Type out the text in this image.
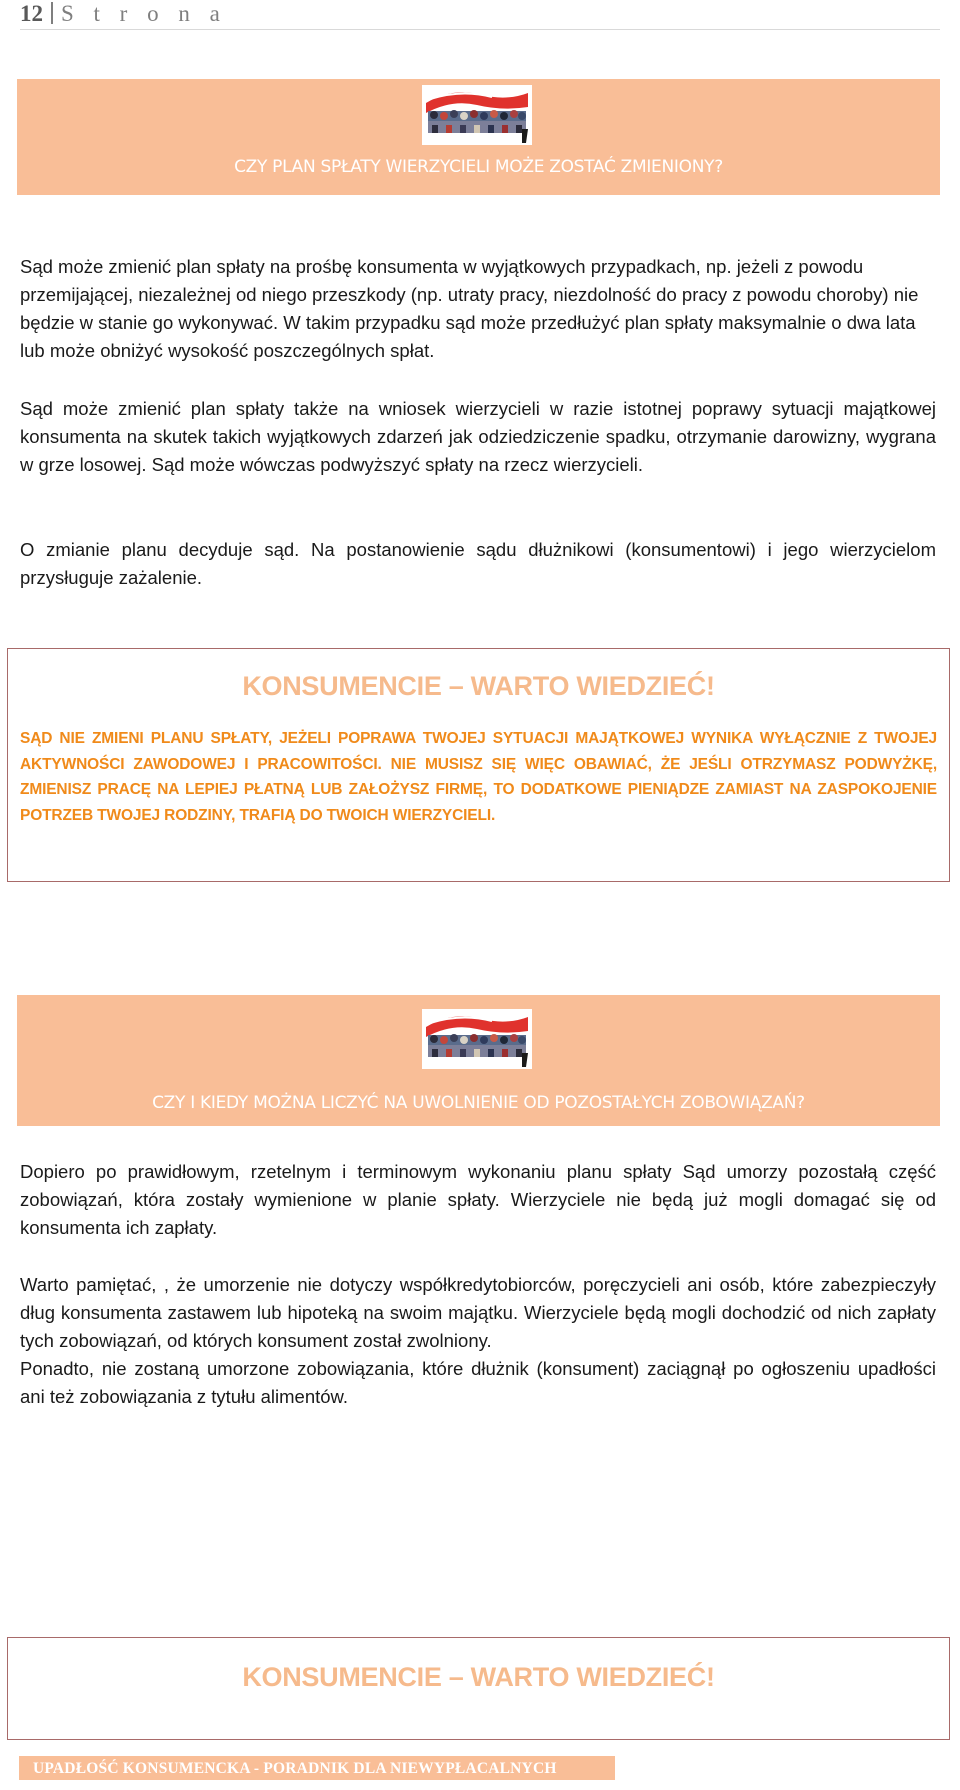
12 S t r o n a
CZY PLAN SPŁATY WIERZYCIELI MOŻE ZOSTAĆ ZMIENIONY?

Sąd może zmienić plan spłaty na prośbę konsumenta w wyjątkowych przypadkach, np. jeżeli z powodu przemijającej, niezależnej od niego przeszkody (np. utraty pracy, niezdolność do pracy z powodu choroby) nie będzie w stanie go wykonywać. W takim przypadku sąd może przedłużyć plan spłaty maksymalnie o dwa lata lub może obniżyć wysokość poszczególnych spłat.

Sąd może zmienić plan spłaty także na wniosek wierzycieli w razie istotnej poprawy sytuacji majątkowej konsumenta na skutek takich wyjątkowych zdarzeń jak odziedziczenie spadku, otrzymanie darowizny, wygrana w grze losowej. Sąd może wówczas podwyższyć spłaty na rzecz wierzycieli.

O zmianie planu decyduje sąd. Na postanowienie sądu dłużnikowi (konsumentowi) i jego wierzycielom przysługuje zażalenie.

KONSUMENCIE – WARTO WIEDZIEĆ!

SĄD NIE ZMIENI PLANU SPŁATY, JEŻELI POPRAWA TWOJEJ SYTUACJI MAJĄTKOWEJ WYNIKA WYŁĄCZNIE Z TWOJEJ AKTYWNOŚCI ZAWODOWEJ I PRACOWITOŚCI. NIE MUSISZ SIĘ WIĘC OBAWIAĆ, ŻE JEŚLI OTRZYMASZ PODWYŻKĘ, ZMIENISZ PRACĘ NA LEPIEJ PŁATNĄ LUB ZAŁOŻYSZ FIRMĘ, TO DODATKOWE PIENIĄDZE ZAMIAST NA ZASPOKOJENIE POTRZEB TWOJEJ RODZINY, TRAFIĄ DO TWOICH WIERZYCIELI.

CZY I KIEDY MOŻNA LICZYĆ NA UWOLNIENIE OD POZOSTAŁYCH ZOBOWIĄZAŃ?

Dopiero po prawidłowym, rzetelnym i terminowym wykonaniu planu spłaty Sąd umorzy pozostałą część zobowiązań, która zostały wymienione w planie spłaty. Wierzyciele nie będą już mogli domagać się od konsumenta ich zapłaty.

Warto pamiętać, , że umorzenie nie dotyczy współkredytobiorców, poręczycieli ani osób, które zabezpieczyły dług konsumenta zastawem lub hipoteką na swoim majątku. Wierzyciele będą mogli dochodzić od nich zapłaty tych zobowiązań, od których konsument został zwolniony.

Ponadto, nie zostaną umorzone zobowiązania, które dłużnik (konsument) zaciągnął po ogłoszeniu upadłości ani też zobowiązania z tytułu alimentów.

KONSUMENCIE – WARTO WIEDZIEĆ!
UPADŁOŚĆ KONSUMENCKA - PORADNIK DLA NIEWYPŁACALNYCH
